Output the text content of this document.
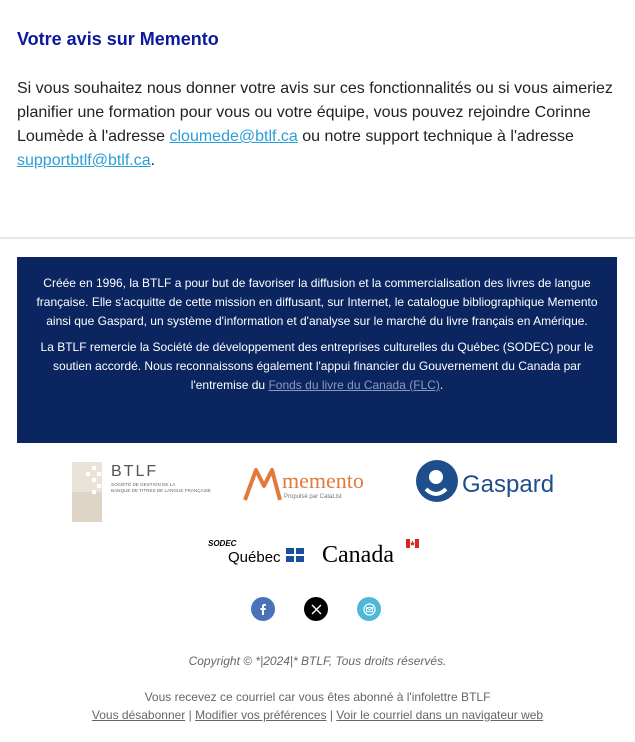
Votre avis sur Memento

Si vous souhaitez nous donner votre avis sur ces fonctionnalités ou si vous aimeriez planifier une formation pour vous ou votre équipe, vous pouvez rejoindre Corinne Loumède à l'adresse cloumede@btlf.ca ou notre support technique à l'adresse supportbtlf@btlf.ca.

Créée en 1996, la BTLF a pour but de favoriser la diffusion et la commercialisation des livres de langue française. Elle s'acquitte de cette mission en diffusant, sur Internet, le catalogue bibliographique Memento ainsi que Gaspard, un système d'information et d'analyse sur le marché du livre français en Amérique.

La BTLF remercie la Société de développement des entreprises culturelles du Québec (SODEC) pour le soutien accordé. Nous reconnaissons également l'appui financier du Gouvernement du Canada par l'entremise du Fonds du livre du Canada (FLC).

BTLF
SOCIÉTÉ DE GESTION DE LA
BANQUE DE TITRES DE LANGUE FRANÇAISE	memento
Propulsé par CataList	Gaspard
SODEC
Québec Canada

Copyright © *|2024|* BTLF, Tous droits réservés.

Vous recevez ce courriel car vous êtes abonné à l'infolettre BTLF

Vous désabonner | Modifier vos préférences | Voir le courriel dans un navigateur web
